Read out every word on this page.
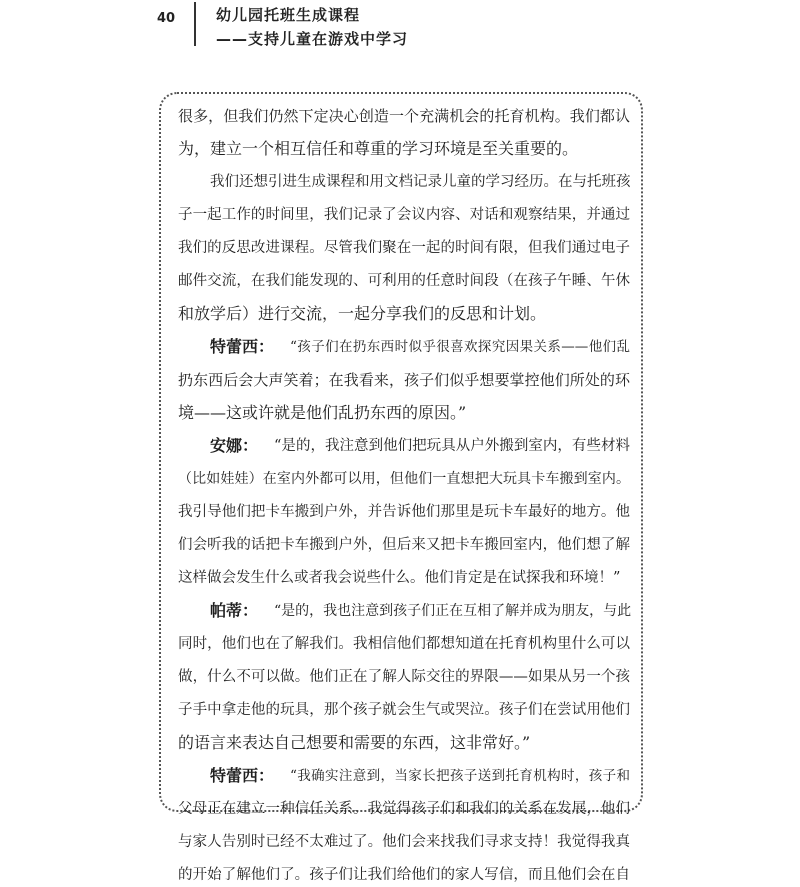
40	幼儿园托班生成课程
——支持儿童在游戏中学习
很多，但我们仍然下定决心创造一个充满机会的托育机构。我们都认
为，建立一个相互信任和尊重的学习环境是至关重要的。
我们还想引进生成课程和用文档记录儿童的学习经历。在与托班孩
子一起工作的时间里，我们记录了会议内容、对话和观察结果，并通过
我们的反思改进课程。尽管我们聚在一起的时间有限，但我们通过电子
邮件交流，在我们能发现的、可利用的任意时间段（在孩子午睡、午休
和放学后）进行交流，一起分享我们的反思和计划。
特蕾西：	“孩子们在扔东西时似乎很喜欢探究因果关系——他们乱
扔东西后会大声笑着；在我看来，孩子们似乎想要掌控他们所处的环
境——这或许就是他们乱扔东西的原因。”
安娜：	“是的，我注意到他们把玩具从户外搬到室内，有些材料
（比如娃娃）在室内外都可以用，但他们一直想把大玩具卡车搬到室内。
我引导他们把卡车搬到户外，并告诉他们那里是玩卡车最好的地方。他
们会听我的话把卡车搬到户外，但后来又把卡车搬回室内，他们想了解
这样做会发生什么或者我会说些什么。他们肯定是在试探我和环境！”
帕蒂：	“是的，我也注意到孩子们正在互相了解并成为朋友，与此
同时，他们也在了解我们。我相信他们都想知道在托育机构里什么可以
做，什么不可以做。他们正在了解人际交往的界限——如果从另一个孩
子手中拿走他的玩具，那个孩子就会生气或哭泣。孩子们在尝试用他们
的语言来表达自己想要和需要的东西，这非常好。”
特蕾西：	“我确实注意到，当家长把孩子送到托育机构时，孩子和
父母正在建立一种信任关系。我觉得孩子们和我们的关系在发展，他们
与家人告别时已经不太难过了。他们会来找我们寻求支持！我觉得我真
的开始了解他们了。孩子们让我们给他们的家人写信，而且他们会在自
